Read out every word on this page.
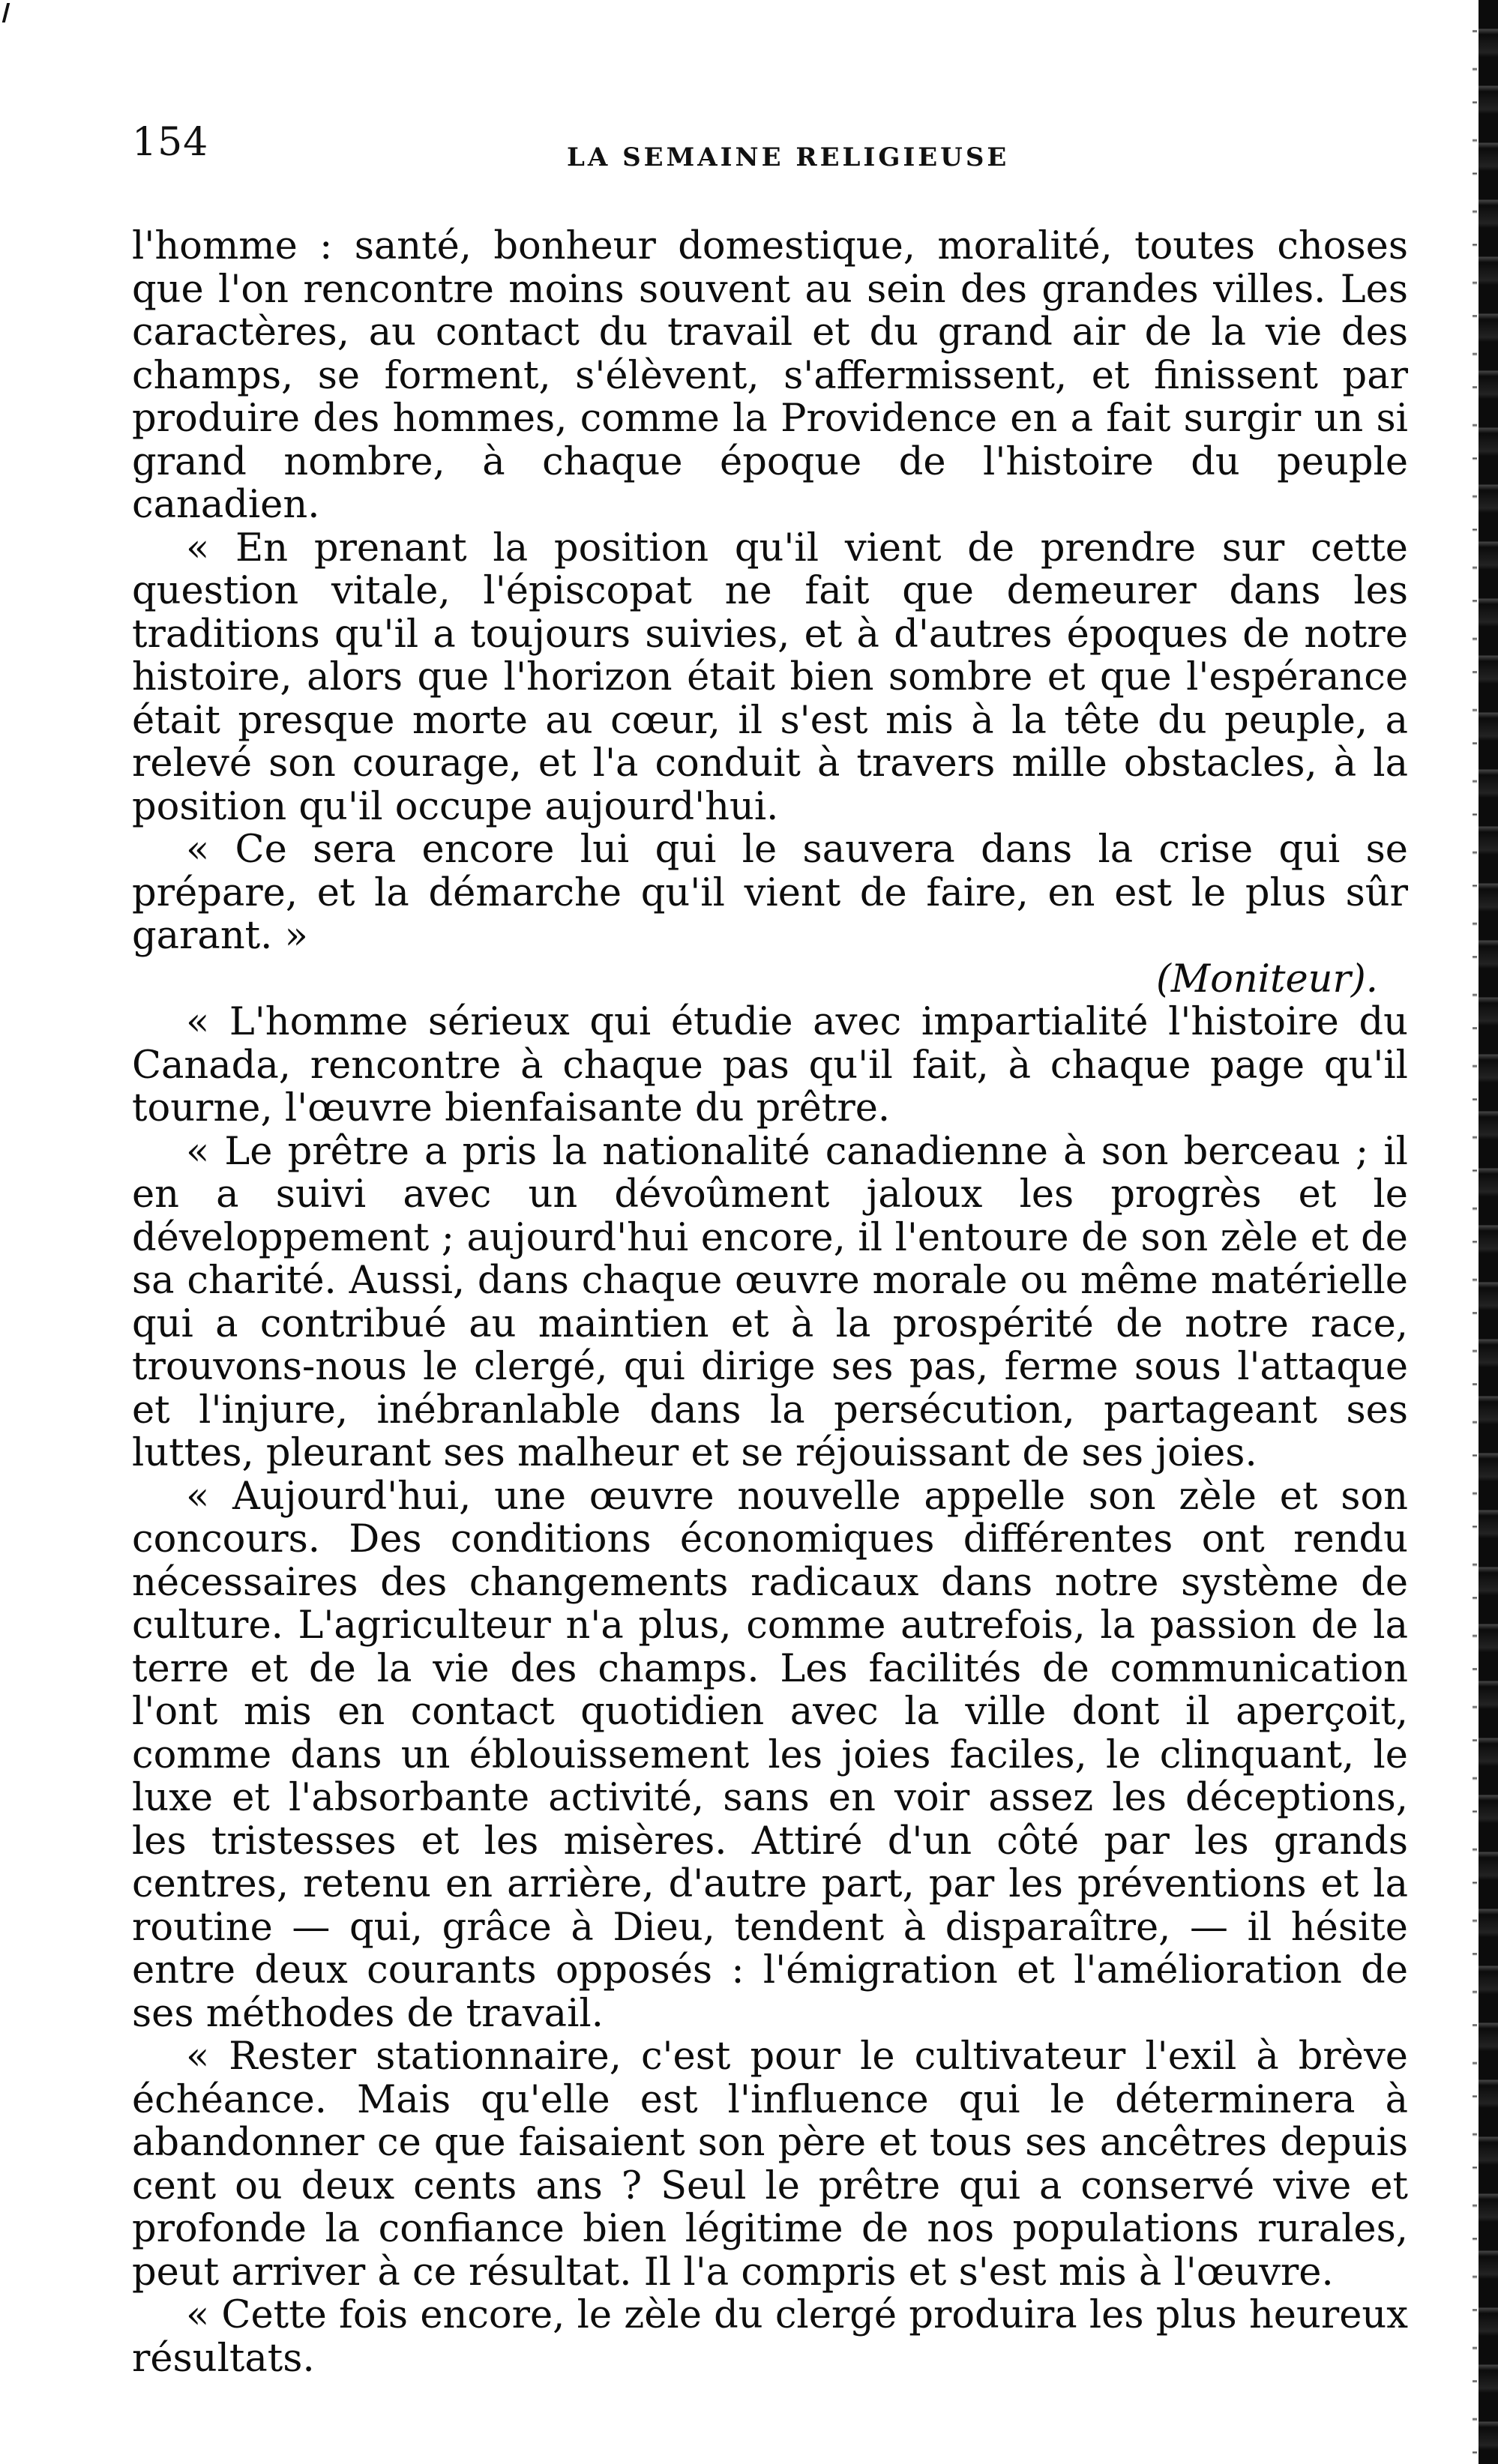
154	LA SEMAINE RELIGIEUSE

l'homme : santé, bonheur domestique, moralité, toutes choses que l'on rencontre moins souvent au sein des grandes villes. Les caractères, au contact du travail et du grand air de la vie des champs, se forment, s'élèvent, s'affermissent, et finissent par produire des hommes, comme la Providence en a fait surgir un si grand nombre, à chaque époque de l'histoire du peuple canadien.

« En prenant la position qu'il vient de prendre sur cette question vitale, l'épiscopat ne fait que demeurer dans les traditions qu'il a toujours suivies, et à d'autres époques de notre histoire, alors que l'horizon était bien sombre et que l'espérance était presque morte au cœur, il s'est mis à la tête du peuple, a relevé son courage, et l'a conduit à travers mille obstacles, à la position qu'il occupe aujourd'hui.

« Ce sera encore lui qui le sauvera dans la crise qui se prépare, et la démarche qu'il vient de faire, en est le plus sûr garant. »

(Moniteur).

« L'homme sérieux qui étudie avec impartialité l'histoire du Canada, rencontre à chaque pas qu'il fait, à chaque page qu'il tourne, l'œuvre bienfaisante du prêtre.

« Le prêtre a pris la nationalité canadienne à son berceau ; il en a suivi avec un dévoûment jaloux les progrès et le développement ; aujourd'hui encore, il l'entoure de son zèle et de sa charité. Aussi, dans chaque œuvre morale ou même matérielle qui a contribué au maintien et à la prospérité de notre race, trouvons-nous le clergé, qui dirige ses pas, ferme sous l'attaque et l'injure, inébranlable dans la persécution, partageant ses luttes, pleurant ses malheur et se réjouissant de ses joies.

« Aujourd'hui, une œuvre nouvelle appelle son zèle et son concours. Des conditions économiques différentes ont rendu nécessaires des changements radicaux dans notre système de culture. L'agriculteur n'a plus, comme autrefois, la passion de la terre et de la vie des champs. Les facilités de communication l'ont mis en contact quotidien avec la ville dont il aperçoit, comme dans un éblouissement les joies faciles, le clinquant, le luxe et l'absorbante activité, sans en voir assez les déceptions, les tristesses et les misères. Attiré d'un côté par les grands centres, retenu en arrière, d'autre part, par les préventions et la routine — qui, grâce à Dieu, tendent à disparaître, — il hésite entre deux courants opposés : l'émigration et l'amélioration de ses méthodes de travail.

« Rester stationnaire, c'est pour le cultivateur l'exil à brève échéance. Mais qu'elle est l'influence qui le déterminera à abandonner ce que faisaient son père et tous ses ancêtres depuis cent ou deux cents ans ? Seul le prêtre qui a conservé vive et profonde la confiance bien légitime de nos populations rurales, peut arriver à ce résultat. Il l'a compris et s'est mis à l'œuvre.

« Cette fois encore, le zèle du clergé produira les plus heureux résultats.
